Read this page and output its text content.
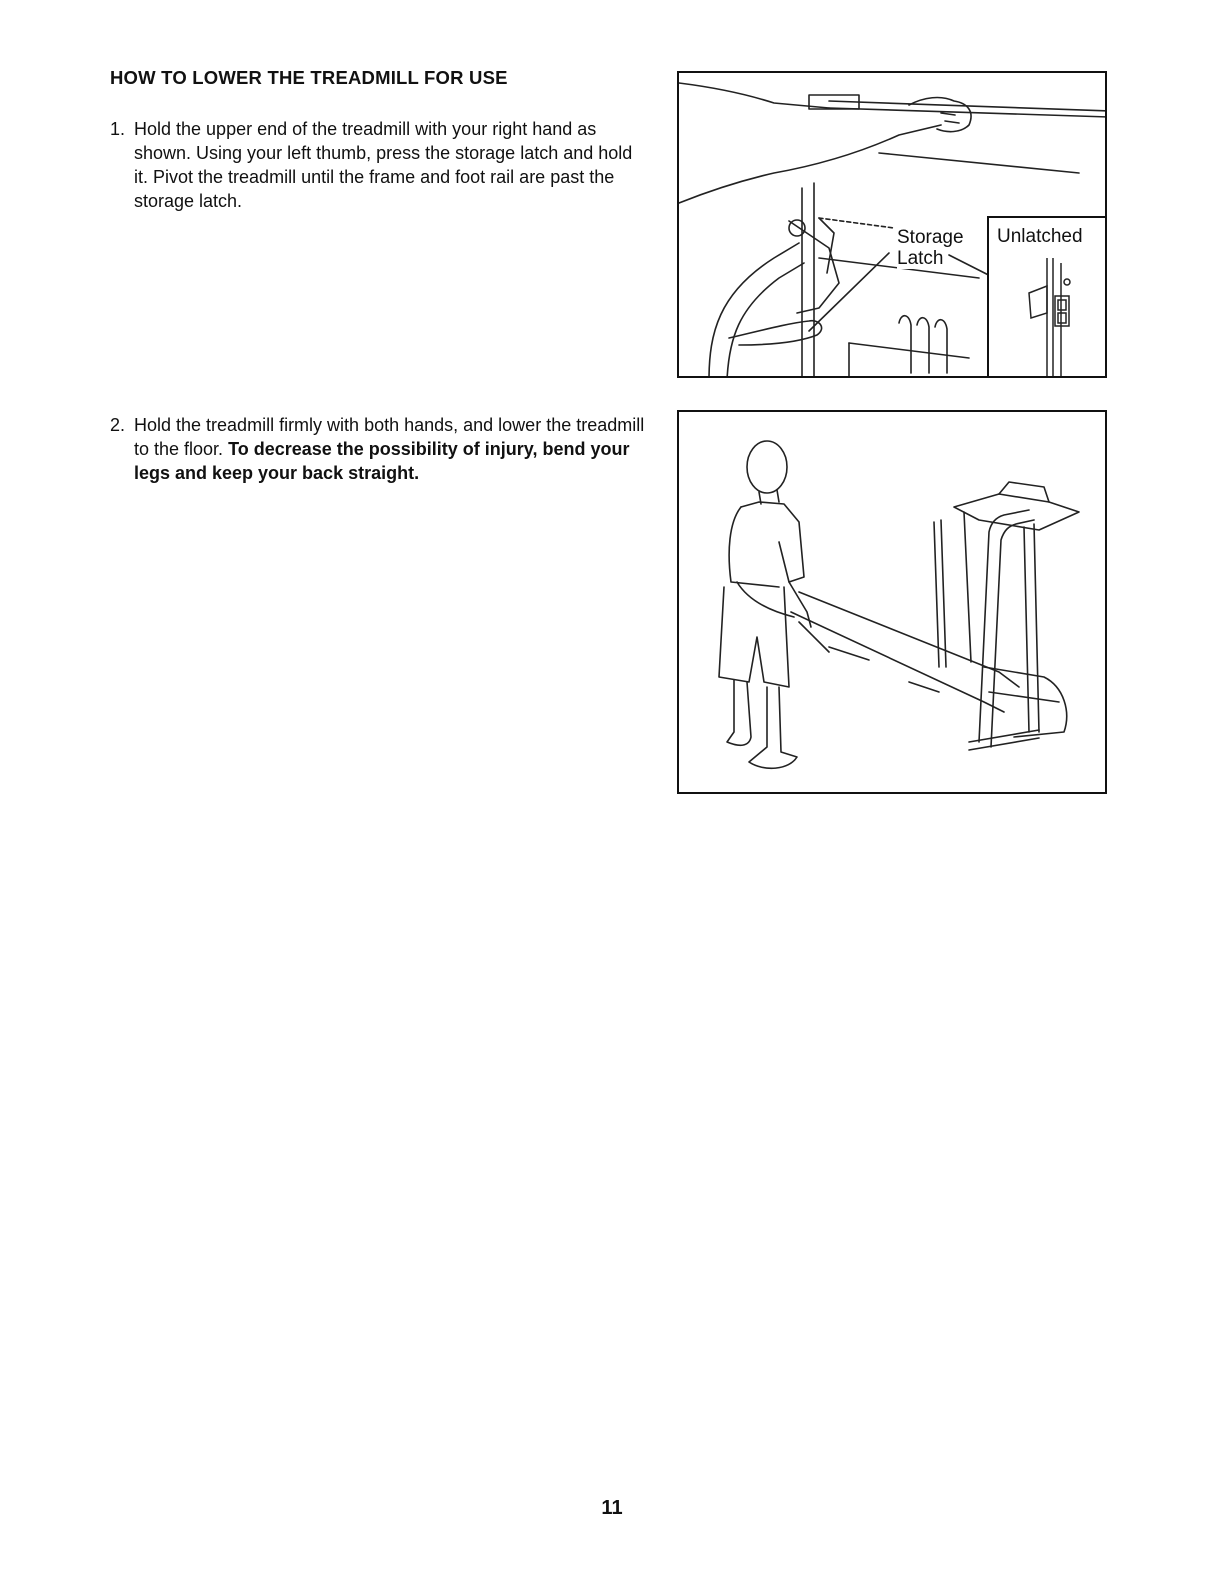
HOW TO LOWER THE TREADMILL FOR USE
1. Hold the upper end of the treadmill with your right hand as shown. Using your left thumb, press the storage latch and hold it. Pivot the treadmill until the frame and foot rail are past the storage latch.
2. Hold the treadmill firmly with both hands, and lower the treadmill to the floor. To decrease the possibility of injury, bend your legs and keep your back straight.
Storage
Latch
Unlatched
11
